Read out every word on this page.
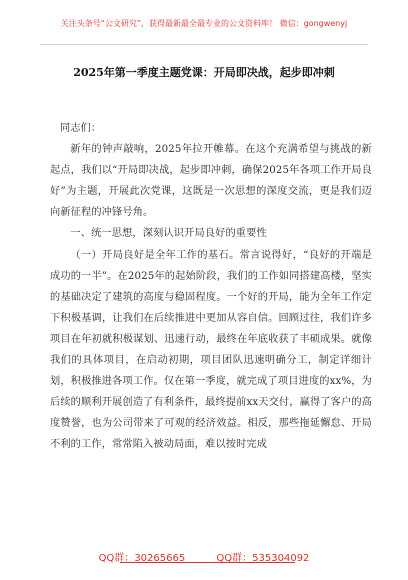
关注头条号“公文研究”，获得最新最全最专业的公文资料库！ 微信：gongwenyj
2025年第一季度主题党课：开局即决战，起步即冲刺

同志们：

新年的钟声敲响，2025年拉开帷幕。在这个充满希望与挑战的新起点，我们以“开局即决战，起步即冲刺，确保2025年各项工作开局良好”为主题，开展此次党课，这既是一次思想的深度交流，更是我们迈向新征程的冲锋号角。

一、统一思想，深刻认识开局良好的重要性

（一）开局良好是全年工作的基石。常言说得好，“良好的开端是成功的一半”。在2025年的起始阶段，我们的工作如同搭建高楼，坚实的基础决定了建筑的高度与稳固程度。一个好的开局，能为全年工作定下积极基调，让我们在后续推进中更加从容自信。回顾过往，我们许多项目在年初就积极谋划、迅速行动，最终在年底收获了丰硕成果。就像我们的具体项目，在启动初期，项目团队迅速明确分工，制定详细计划，积极推进各项工作。仅在第一季度，就完成了项目进度的xx%，为后续的顺利开展创造了有利条件，最终提前xx天交付，赢得了客户的高度赞誉，也为公司带来了可观的经济效益。相反，那些拖延懈怠、开局不利的工作，常常陷入被动局面，难以按时完成

QQ群：30265665	QQ群：535304092
